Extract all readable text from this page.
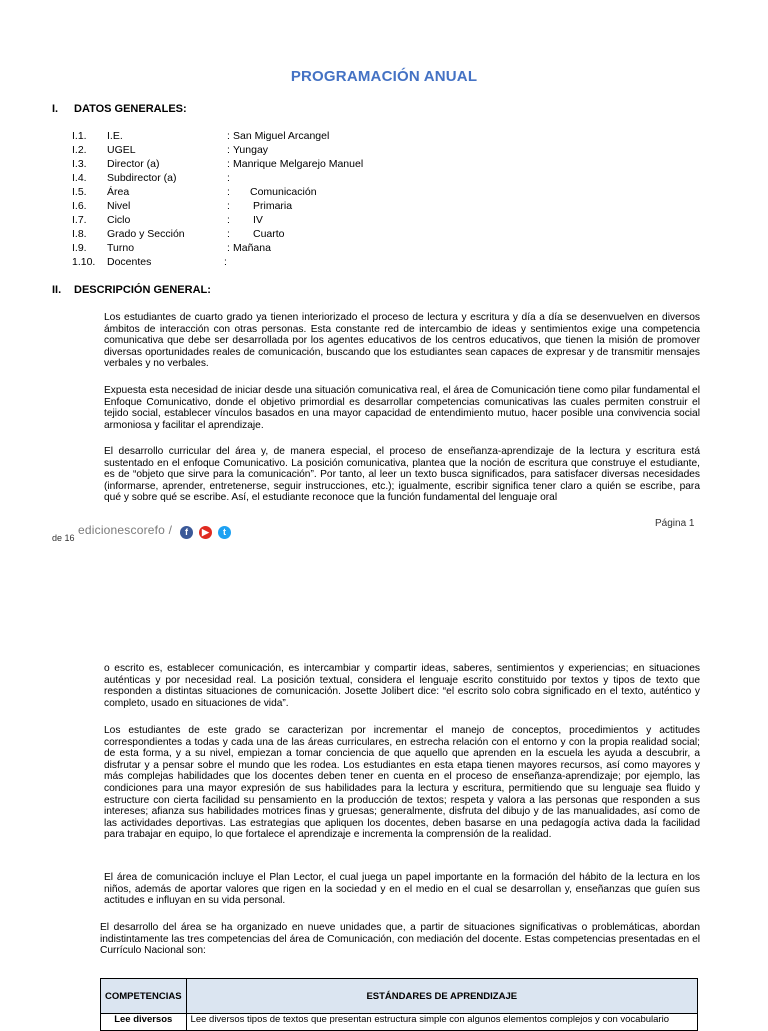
PROGRAMACIÓN ANUAL
I. DATOS GENERALES:
I.1. I.E.	: San Miguel Arcangel
I.2. UGEL	: Yungay
I.3. Director (a)	: Manrique Melgarejo Manuel
I.4. Subdirector (a)	:
I.5. Área	: Comunicación
I.6. Nivel	: Primaria
I.7. Ciclo	: IV
I.8. Grado y Sección	: Cuarto
I.9. Turno	: Mañana
1.10. Docentes	:
II. DESCRIPCIÓN GENERAL:
Los estudiantes de cuarto grado ya tienen interiorizado el proceso de lectura y escritura y día a día se desenvuelven en diversos ámbitos de interacción con otras personas. Esta constante red de intercambio de ideas y sentimientos exige una competencia comunicativa que debe ser desarrollada por los agentes educativos de los centros educativos, que tienen la misión de promover diversas oportunidades reales de comunicación, buscando que los estudiantes sean capaces de expresar y de transmitir mensajes verbales y no verbales.
Expuesta esta necesidad de iniciar desde una situación comunicativa real, el área de Comunicación tiene como pilar fundamental el Enfoque Comunicativo, donde el objetivo primordial es desarrollar competencias comunicativas las cuales permiten construir el tejido social, establecer vínculos basados en una mayor capacidad de entendimiento mutuo, hacer posible una convivencia social armoniosa y facilitar el aprendizaje.
El desarrollo curricular del área y, de manera especial, el proceso de enseñanza-aprendizaje de la lectura y escritura está sustentado en el enfoque Comunicativo. La posición comunicativa, plantea que la noción de escritura que construye el estudiante, es de “objeto que sirve para la comunicación”. Por tanto, al leer un texto busca significados, para satisfacer diversas necesidades (informarse, aprender, entretenerse, seguir instrucciones, etc.); igualmente, escribir significa tener claro a quién se escribe, para qué y sobre qué se escribe. Así, el estudiante reconoce que la función fundamental del lenguaje oral
edicionescorefo /
de 16
f	▶	t
Página 1
o escrito es, establecer comunicación, es intercambiar y compartir ideas, saberes, sentimientos y experiencias; en situaciones auténticas y por necesidad real. La posición textual, considera el lenguaje escrito constituido por textos y tipos de texto que responden a distintas situaciones de comunicación. Josette Jolibert dice: “el escrito solo cobra significado en el texto, auténtico y completo, usado en situaciones de vida”.
Los estudiantes de este grado se caracterizan por incrementar el manejo de conceptos, procedimientos y actitudes correspondientes a todas y cada una de las áreas curriculares, en estrecha relación con el entorno y con la propia realidad social; de esta forma, y a su nivel, empiezan a tomar conciencia de que aquello que aprenden en la escuela les ayuda a descubrir, a disfrutar y a pensar sobre el mundo que les rodea. Los estudiantes en esta etapa tienen mayores recursos, así como mayores y más complejas habilidades que los docentes deben tener en cuenta en el proceso de enseñanza-aprendizaje; por ejemplo, las condiciones para una mayor expresión de sus habilidades para la lectura y escritura, permitiendo que su lenguaje sea fluido y estructure con cierta facilidad su pensamiento en la producción de textos; respeta y valora a las personas que responden a sus intereses; afianza sus habilidades motrices finas y gruesas; generalmente, disfruta del dibujo y de las manualidades, así como de las actividades deportivas. Las estrategias que apliquen los docentes, deben basarse en una pedagogía activa dada la facilidad para trabajar en equipo, lo que fortalece el aprendizaje e incrementa la comprensión de la realidad.
El área de comunicación incluye el Plan Lector, el cual juega un papel importante en la formación del hábito de la lectura en los niños, además de aportar valores que rigen en la sociedad y en el medio en el cual se desarrollan y, enseñanzas que guíen sus actitudes e influyan en su vida personal.
El desarrollo del área se ha organizado en nueve unidades que, a partir de situaciones significativas o problemáticas, abordan indistintamente las tres competencias del área de Comunicación, con mediación del docente. Estas competencias presentadas en el Currículo Nacional son:
COMPETENCIAS	ESTÁNDARES DE APRENDIZAJE
Lee diversos	Lee diversos tipos de textos que presentan estructura simple con algunos elementos complejos y con vocabulario
